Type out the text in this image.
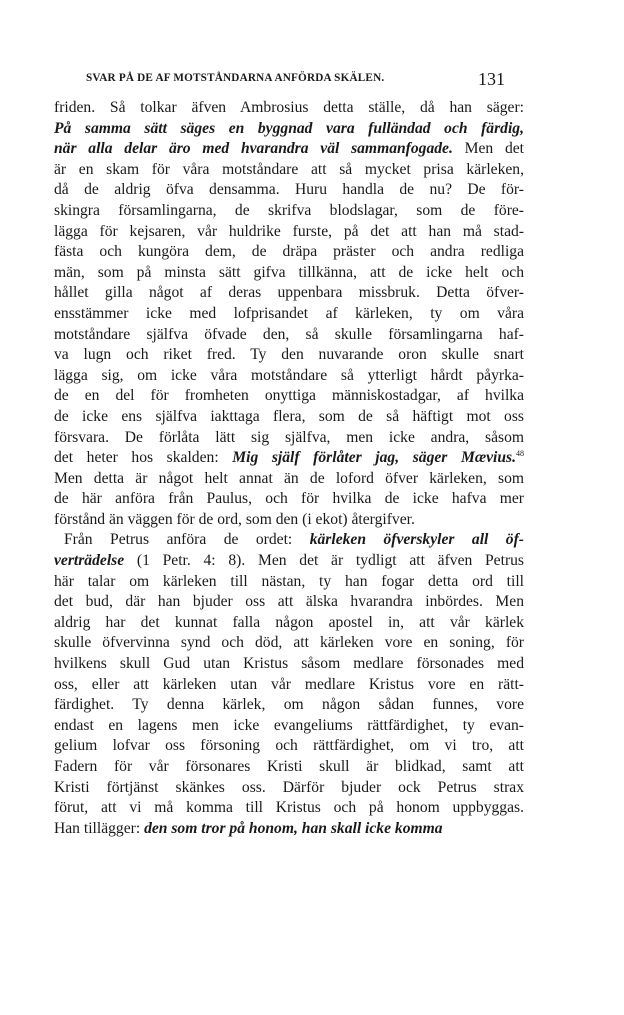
SVAR PÅ DE AF MOTSTÅNDARNA ANFÖRDA SKÄLEN.	131
friden. Så tolkar äfven Ambrosius detta ställe, då han säger:
På samma sätt säges en byggnad vara fulländad och färdig,
när alla delar äro med hvarandra väl sammanfogade. Men det
är en skam för våra motståndare att så mycket prisa kärleken,
då de aldrig öfva densamma. Huru handla de nu? De för-
skingra församlingarna, de skrifva blodslagar, som de före-
lägga för kejsaren, vår huldrike furste, på det att han må stad-
fästa och kungöra dem, de dräpa präster och andra redliga
män, som på minsta sätt gifva tillkänna, att de icke helt och
hållet gilla något af deras uppenbara missbruk. Detta öfver-
ensstämmer icke med lofprisandet af kärleken, ty om våra
motståndare själfva öfvade den, så skulle församlingarna haf-
va lugn och riket fred. Ty den nuvarande oron skulle snart
lägga sig, om icke våra motståndare så ytterligt hårdt påyrka-
de en del för fromheten onyttiga människostadgar, af hvilka
de icke ens själfva iakttaga flera, som de så häftigt mot oss
försvara. De förlåta lätt sig själfva, men icke andra, såsom
det heter hos skalden: Mig själf förlåter jag, säger Mævius.$^{48}$
Men detta är något helt annat än de loford öfver kärleken, som
de här anföra från Paulus, och för hvilka de icke hafva mer
förstånd än väggen för de ord, som den (i ekot) återgifver.
Från Petrus anföra de ordet: kärleken öfverskyler all öf-
verträdelse (1 Petr. 4: 8). Men det är tydligt att äfven Petrus
här talar om kärleken till nästan, ty han fogar detta ord till
det bud, där han bjuder oss att älska hvarandra inbördes. Men
aldrig har det kunnat falla någon apostel in, att vår kärlek
skulle öfvervinna synd och död, att kärleken vore en soning, för
hvilkens skull Gud utan Kristus såsom medlare försonades med
oss, eller att kärleken utan vår medlare Kristus vore en rätt-
färdighet. Ty denna kärlek, om någon sådan funnes, vore
endast en lagens men icke evangeliums rättfärdighet, ty evan-
gelium lofvar oss försoning och rättfärdighet, om vi tro, att
Fadern för vår försonares Kristi skull är blidkad, samt att
Kristi förtjänst skänkes oss. Därför bjuder ock Petrus strax
förut, att vi må komma till Kristus och på honom uppbyggas.
Han tillägger: den som tror på honom, han skall icke komma
